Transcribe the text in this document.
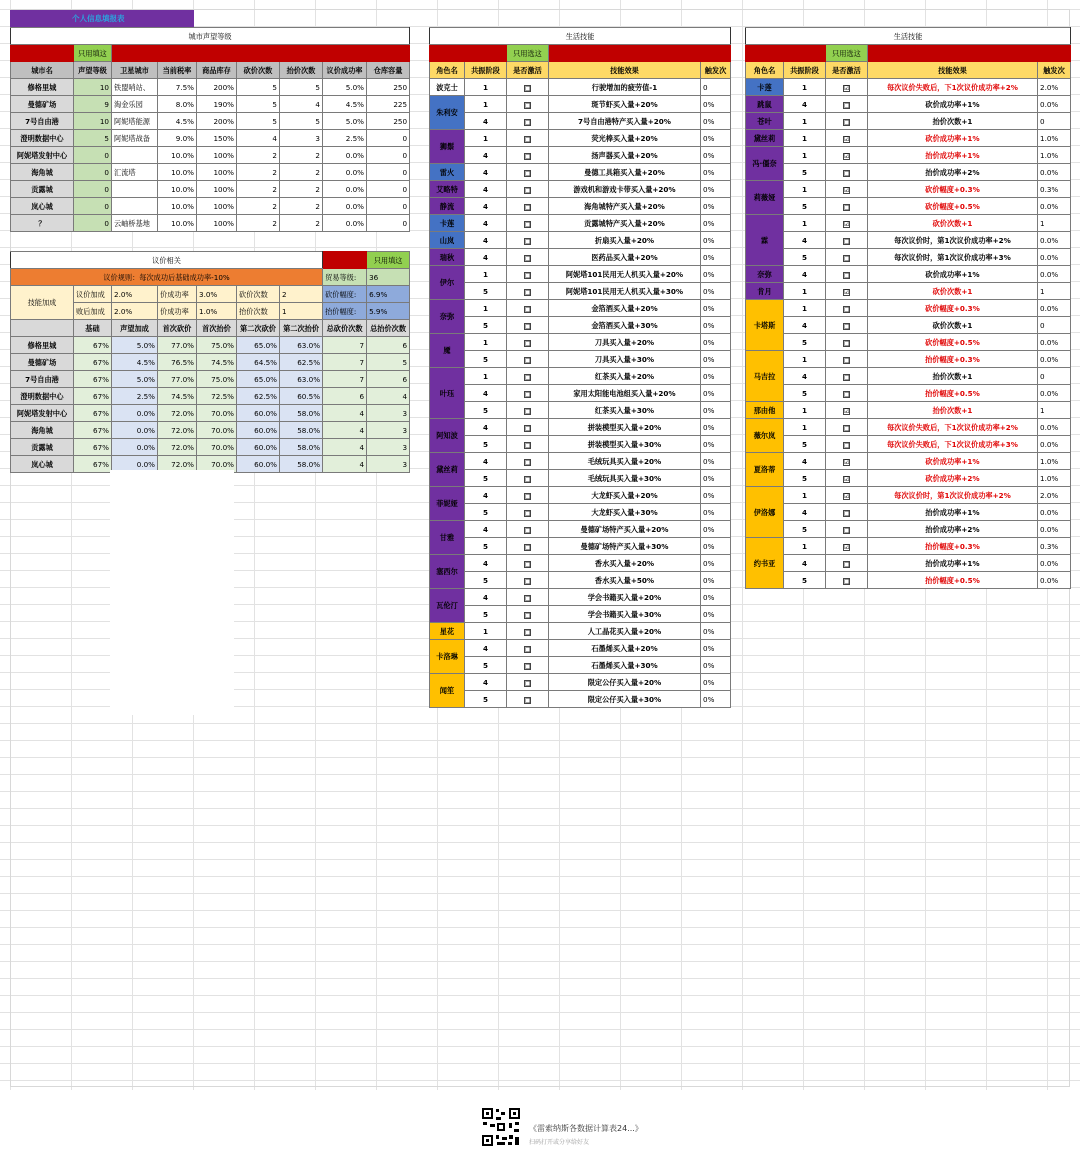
个人信息填报表
城市声望等级								
	只用填这							
城市名	声望等级	卫星城市	当前税率	商品库存	砍价次数	抬价次数	议价成功率	仓库容量
修格里城	10	铁盟哨站、	7.5%	200%	5	5	5.0%	250
曼德矿场	9	淘金乐园	8.0%	190%	5	4	4.5%	225
7号自由港	10	阿妮塔能源	4.5%	200%	5	5	5.0%	250
澄明数据中心	5	阿妮塔战备	9.0%	150%	4	3	2.5%	0
阿妮塔发射中心	0		10.0%	100%	2	2	0.0%	0
海角城	0	汇流塔	10.0%	100%	2	2	0.0%	0
贡露城	0		10.0%	100%	2	2	0.0%	0
岚心城	0		10.0%	100%	2	2	0.0%	0
？	0	云岫桥基地	10.0%	100%	2	2	0.0%	0
议价相关								只用填这
议价规则：每次成功后基础成功率-10%							贸易等级:	36
技能加成	议价加成	2.0%	价成功率	3.0%	砍价次数	2	砍价幅度:	6.9%
	败后加成	2.0%	价成功率	1.0%	抬价次数	1	抬价幅度:	5.9%
	基础	声望加成	首次砍价	首次抬价	第二次砍价	第二次抬价	总砍价次数	总抬价次数
修格里城	67%	5.0%	77.0%	75.0%	65.0%	63.0%	7	6
曼德矿场	67%	4.5%	76.5%	74.5%	64.5%	62.5%	7	5
7号自由港	67%	5.0%	77.0%	75.0%	65.0%	63.0%	7	6
澄明数据中心	67%	2.5%	74.5%	72.5%	62.5%	60.5%	6	4
阿妮塔发射中心	67%	0.0%	72.0%	70.0%	60.0%	58.0%	4	3
海角城	67%	0.0%	72.0%	70.0%	60.0%	58.0%	4	3
贡露城	67%	0.0%	72.0%	70.0%	60.0%	58.0%	4	3
岚心城	67%	0.0%	72.0%	70.0%	60.0%	58.0%	4	3
生活技能				
		只用选这		
角色名	共振阶段	是否激活	技能效果	触发次
波克士	1	□	行驶增加的疲劳值-1	0
朱利安	1	□	斑节虾买入量+20%	0%
	4	□	7号自由港特产买入量+20%	0%
狮鬃	1	□	荧光棒买入量+20%	0%
	4	□	扬声器买入量+20%	0%
雷火	4	□	曼德工具箱买入量+20%	0%
艾略特	4	□	游戏机和游戏卡带买入量+20%	0%
静流	4	□	海角城特产买入量+20%	0%
卡莲	4	□	贡露城特产买入量+20%	0%
山岚	4	□	折扇买入量+20%	0%
瑞秋	4	□	医药品买入量+20%	0%
伊尔	1	□	阿妮塔101民用无人机买入量+20%	0%
	5	□	阿妮塔101民用无人机买入量+30%	0%
奈弥	1	□	金箔酒买入量+20%	0%
	5	□	金箔酒买入量+30%	0%
魇	1	□	刀具买入量+20%	0%
	5	□	刀具买入量+30%	0%
叶珏	1	□	红茶买入量+20%	0%
	4	□	家用太阳能电池组买入量+20%	0%
	5	□	红茶买入量+30%	0%
阿知波	4	□	拼装模型买入量+20%	0%
	5	□	拼装模型买入量+30%	0%
黛丝莉	4	□	毛绒玩具买入量+20%	0%
	5	□	毛绒玩具买入量+30%	0%
菲妮娅	4	□	大龙虾买入量+20%	0%
	5	□	大龙虾买入量+30%	0%
甘雅	4	□	曼德矿场特产买入量+20%	0%
	5	□	曼德矿场特产买入量+30%	0%
塞西尔	4	□	香水买入量+20%	0%
	5	□	香水买入量+50%	0%
瓦伦汀	4	□	学会书籍买入量+20%	0%
	5	□	学会书籍买入量+30%	0%
星花	1	□	人工晶花买入量+20%	0%
卡洛琳	4	□	石墨烯买入量+20%	0%
	5	□	石墨烯买入量+30%	0%
闻笙	4	□	限定公仔买入量+20%	0%
	5	□	限定公仔买入量+30%	0%
生活技能				
		只用选这		
角色名	共振阶段	是否激活	技能效果	触发次
卡莲	1	☑	每次议价失败后，下1次议价成功率+2%	2.0%
跳鼠	4	□	砍价成功率+1%	0.0%
苍叶	1	□	抬价次数+1	0
黛丝莉	1	☑	砍价成功率+1%	1.0%
冯·僵奈	1	☑	抬价成功率+1%	1.0%
	5	□	抬价成功率+2%	0.0%
莉薇娅	1	☑	砍价幅度+0.3%	0.3%
	5	□	砍价幅度+0.5%	0.0%
霖	1	☑	砍价次数+1	1
	4	□	每次议价时，第1次议价成功率+2%	0.0%
	5	□	每次议价时，第1次议价成功率+3%	0.0%
奈弥	4	□	砍价成功率+1%	0.0%
肯月	1	☑	砍价次数+1	1
卡塔斯	1	□	砍价幅度+0.3%	0.0%
	4	□	砍价次数+1	0
	5	□	砍价幅度+0.5%	0.0%
马吉拉	1	□	抬价幅度+0.3%	0.0%
	4	□	抬价次数+1	0
	5	□	抬价幅度+0.5%	0.0%
那由他	1	☑	抬价次数+1	1
薇尔岚	1	□	每次议价失败后，下1次议价成功率+2%	0.0%
	5	□	每次议价失败后，下1次议价成功率+3%	0.0%
夏洛蒂	4	☑	砍价成功率+1%	1.0%
	5	☑	砍价成功率+2%	1.0%
伊洛娜	1	☑	每次议价时，第1次议价成功率+2%	2.0%
	4	□	抬价成功率+1%	0.0%
	5	□	抬价成功率+2%	0.0%
约书亚	1	☑	抬价幅度+0.3%	0.3%
	4	□	抬价成功率+1%	0.0%
	5	□	抬价幅度+0.5%	0.0%
《雷索纳斯各数据计算表24...》
扫码打开或分享给好友
